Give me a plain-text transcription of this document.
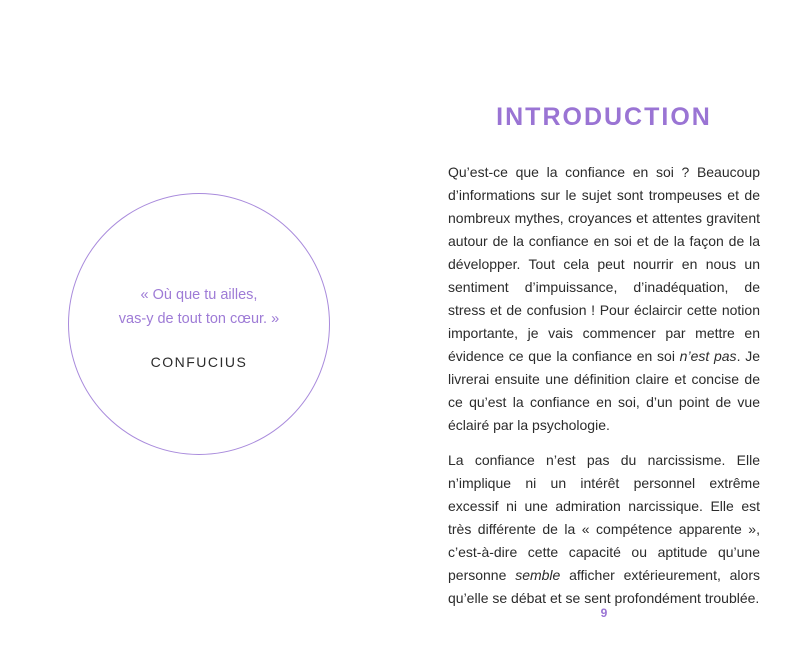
« Où que tu ailles,
vas-y de tout ton cœur. »
CONFUCIUS
INTRODUCTION

Qu’est-ce que la confiance en soi ? Beaucoup d’informations sur le sujet sont trompeuses et de nombreux mythes, croyances et attentes gravitent autour de la confiance en soi et de la façon de la développer. Tout cela peut nourrir en nous un sentiment d’impuissance, d’inadéquation, de stress et de confusion ! Pour éclaircir cette notion importante, je vais commencer par mettre en évidence ce que la confiance en soi n’est pas. Je livrerai ensuite une définition claire et concise de ce qu’est la confiance en soi, d’un point de vue éclairé par la psychologie.

La confiance n’est pas du narcissisme. Elle n’implique ni un intérêt personnel extrême excessif ni une admiration narcissique. Elle est très différente de la « compétence apparente », c’est-à-dire cette capacité ou aptitude qu’une personne semble afficher extérieurement, alors qu’elle se débat et se sent profondément troublée.

9
